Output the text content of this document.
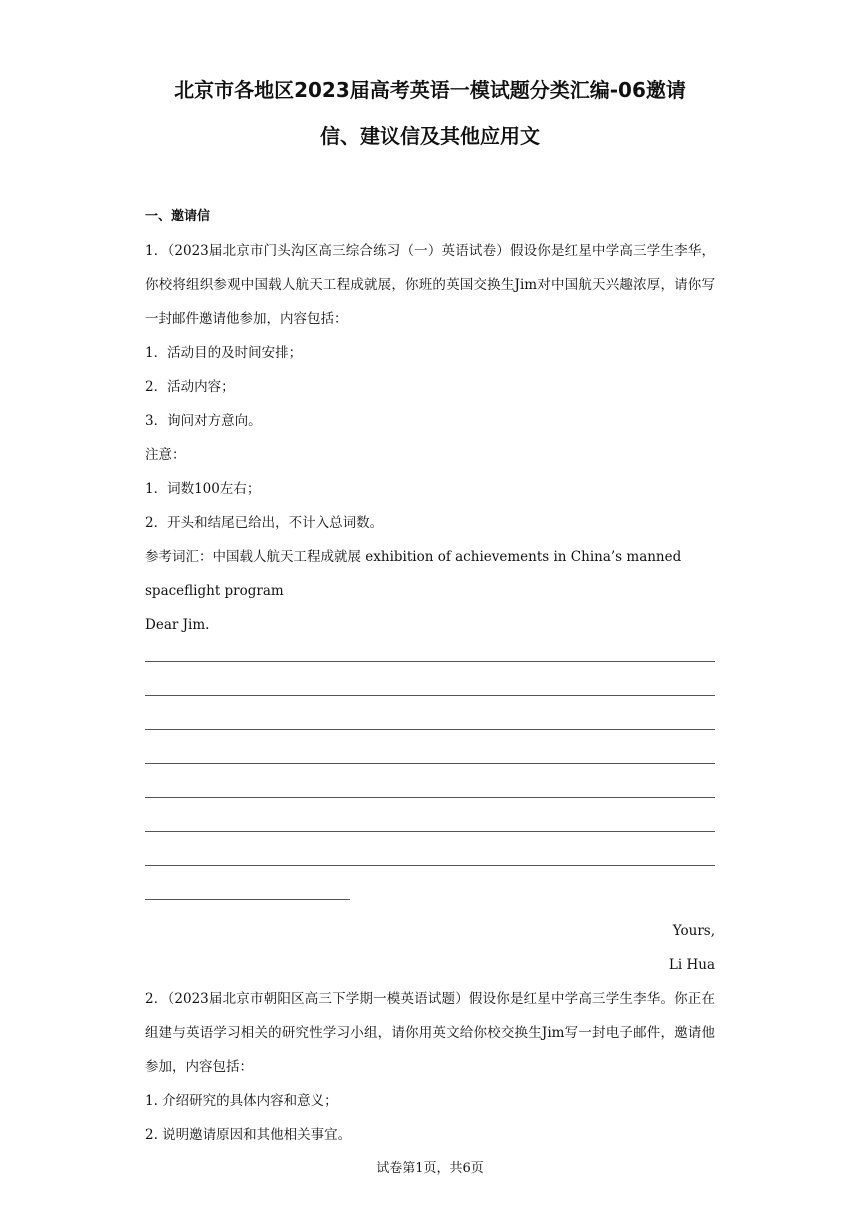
北京市各地区2023届高考英语一模试题分类汇编-06邀请
信、建议信及其他应用文
一、邀请信
1．（2023届北京市门头沟区高三综合练习（一）英语试卷）假设你是红星中学高三学生李华，你校将组织参观中国载人航天工程成就展，你班的英国交换生Jim对中国航天兴趣浓厚，请你写一封邮件邀请他参加，内容包括：
1．活动目的及时间安排；
2．活动内容；
3．询问对方意向。
注意：
1．词数100左右；
2．开头和结尾已给出，不计入总词数。
参考词汇：中国载人航天工程成就展 exhibition of achievements in China’s manned
spaceflight program
Dear Jim.
Yours,
Li Hua
2．（2023届北京市朝阳区高三下学期一模英语试题）假设你是红星中学高三学生李华。你正在组建与英语学习相关的研究性学习小组，请你用英文给你校交换生Jim写一封电子邮件，邀请他参加，内容包括：
1. 介绍研究的具体内容和意义；
2. 说明邀请原因和其他相关事宜。
试卷第1页，共6页
